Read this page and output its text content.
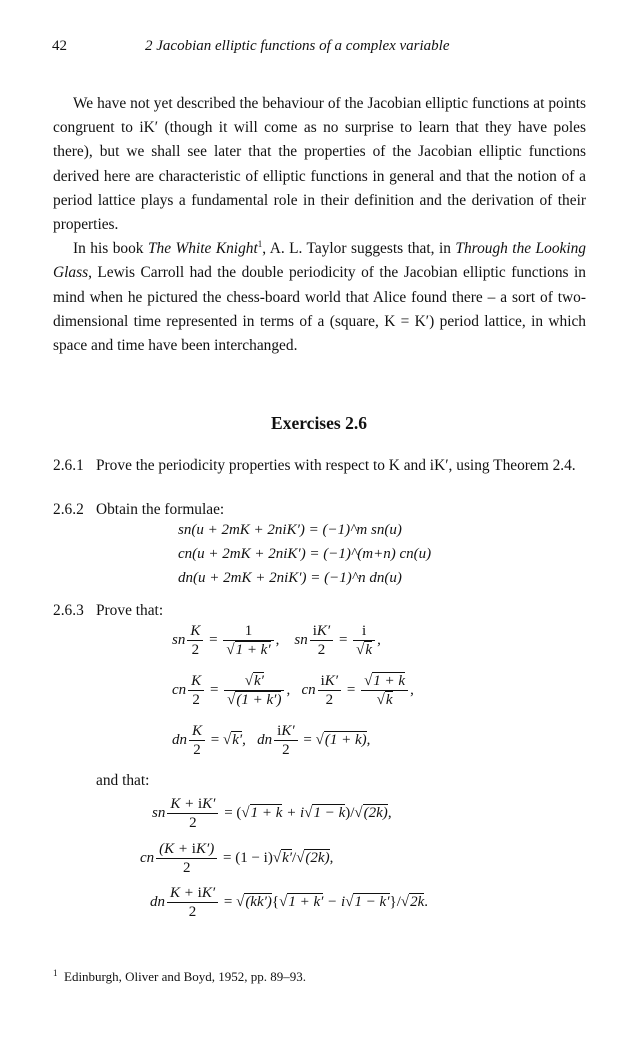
42	2 Jacobian elliptic functions of a complex variable

We have not yet described the behaviour of the Jacobian elliptic functions at points congruent to iK′ (though it will come as no surprise to learn that they have poles there), but we shall see later that the properties of the Jacobian elliptic functions derived here are characteristic of elliptic functions in general and that the notion of a period lattice plays a fundamental role in their definition and the derivation of their properties.

In his book The White Knight$^1$, A. L. Taylor suggests that, in Through the Looking Glass, Lewis Carroll had the double periodicity of the Jacobian elliptic functions in mind when he pictured the chess-board world that Alice found there – a sort of two-dimensional time represented in terms of a (square, K = K′) period lattice, in which space and time have been interchanged.

Exercises 2.6
2.6.1 Prove the periodicity properties with respect to K and iK′, using Theorem 2.4.
2.6.2 Obtain the formulae:
sn(u + 2mK + 2niK′) = (−1)^m sn(u)
cn(u + 2mK + 2niK′) = (−1)^(m+n) cn(u)
dn(u + 2mK + 2niK′) = (−1)^n dn(u)
2.6.3 Prove that:
sn $\frac{K}{2} = \frac{1}{√1 + k'}$ ,    sn $\frac{iK'}{2} = \frac{i}{√k}$ ,
cn $\frac{K}{2} = \frac{√k'}{√(1 + k')}$ ,   cn $\frac{iK'}{2} = \frac{√1 + k}{√k}$ ,
dn $\frac{K}{2} = √k'$,   dn $\frac{iK'}{2} = √(1 + k)$,
and that:
sn $\frac{K + iK'}{2} = (√1 + k + i√1 - k)/√(2k)$,
cn $\frac{(K + iK')}{2} = (1 - i)√k'/√(2k)$,
dn $\frac{K + iK'}{2} = √(kk')\{√1 + k' - i√1 - k'\}/√2k$.
$^1$ Edinburgh, Oliver and Boyd, 1952, pp. 89–93.
